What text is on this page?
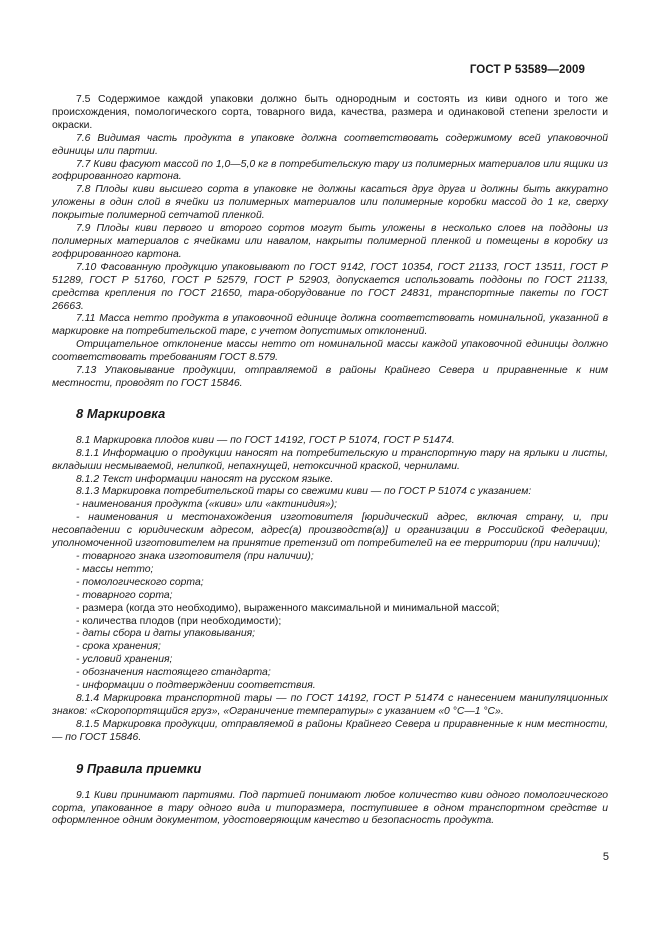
ГОСТ Р 53589—2009

7.5 Содержимое каждой упаковки должно быть однородным и состоять из киви одного и того же происхождения, помологического сорта, товарного вида, качества, размера и одинаковой степени зрелости и окраски.

7.6 Видимая часть продукта в упаковке должна соответствовать содержимому всей упаковочной единицы или партии.

7.7 Киви фасуют массой по 1,0—5,0 кг в потребительскую тару из полимерных материалов или ящики из гофрированного картона.

7.8 Плоды киви высшего сорта в упаковке не должны касаться друг друга и должны быть аккуратно уложены в один слой в ячейки из полимерных материалов или полимерные коробки массой до 1 кг, сверху покрытые полимерной сетчатой пленкой.

7.9 Плоды киви первого и второго сортов могут быть уложены в несколько слоев на поддоны из полимерных материалов с ячейками или навалом, накрыты полимерной пленкой и помещены в коробку из гофрированного картона.

7.10 Фасованную продукцию упаковывают по ГОСТ 9142, ГОСТ 10354, ГОСТ 21133, ГОСТ 13511, ГОСТ Р 51289, ГОСТ Р 51760, ГОСТ Р 52579, ГОСТ Р 52903, допускается использовать поддоны по ГОСТ 21133, средства крепления по ГОСТ 21650, тара-оборудование по ГОСТ 24831, транспортные пакеты по ГОСТ 26663.

7.11 Масса нетто продукта в упаковочной единице должна соответствовать номинальной, указанной в маркировке на потребительской таре, с учетом допустимых отклонений.

Отрицательное отклонение массы нетто от номинальной массы каждой упаковочной единицы должно соответствовать требованиям ГОСТ 8.579.

7.13 Упаковывание продукции, отправляемой в районы Крайнего Севера и приравненные к ним местности, проводят по ГОСТ 15846.

8 Маркировка

8.1 Маркировка плодов киви — по ГОСТ 14192, ГОСТ Р 51074, ГОСТ Р 51474.

8.1.1 Информацию о продукции наносят на потребительскую и транспортную тару на ярлыки и листы, вкладыши несмываемой, нелипкой, непахнущей, нетоксичной краской, чернилами.

8.1.2 Текст информации наносят на русском языке.

8.1.3 Маркировка потребительской тары со свежими киви — по ГОСТ Р 51074 с указанием:

- наименования продукта («киви» или «актинидия»);

- наименования и местонахождения изготовителя [юридический адрес, включая страну, и, при несовпадении с юридическим адресом, адрес(а) производств(а)] и организации в Российской Федерации, уполномоченной изготовителем на принятие претензий от потребителей на ее территории (при наличии);

- товарного знака изготовителя (при наличии);

- массы нетто;

- помологического сорта;

- товарного сорта;

- размера (когда это необходимо), выраженного максимальной и минимальной массой;

- количества плодов (при необходимости);

- даты сбора и даты упаковывания;

- срока хранения;

- условий хранения;

- обозначения настоящего стандарта;

- информации о подтверждении соответствия.

8.1.4 Маркировка транспортной тары — по ГОСТ 14192, ГОСТ Р 51474 с нанесением манипуляционных знаков: «Скоропортящийся груз», «Ограничение температуры» с указанием «0 °С—1 °С».

8.1.5 Маркировка продукции, отправляемой в районы Крайнего Севера и приравненные к ним местности, — по ГОСТ 15846.

9 Правила приемки

9.1 Киви принимают партиями. Под партией понимают любое количество киви одного помологического сорта, упакованное в тару одного вида и типоразмера, поступившее в одном транспортном средстве и оформленное одним документом, удостоверяющим качество и безопасность продукта.

5
